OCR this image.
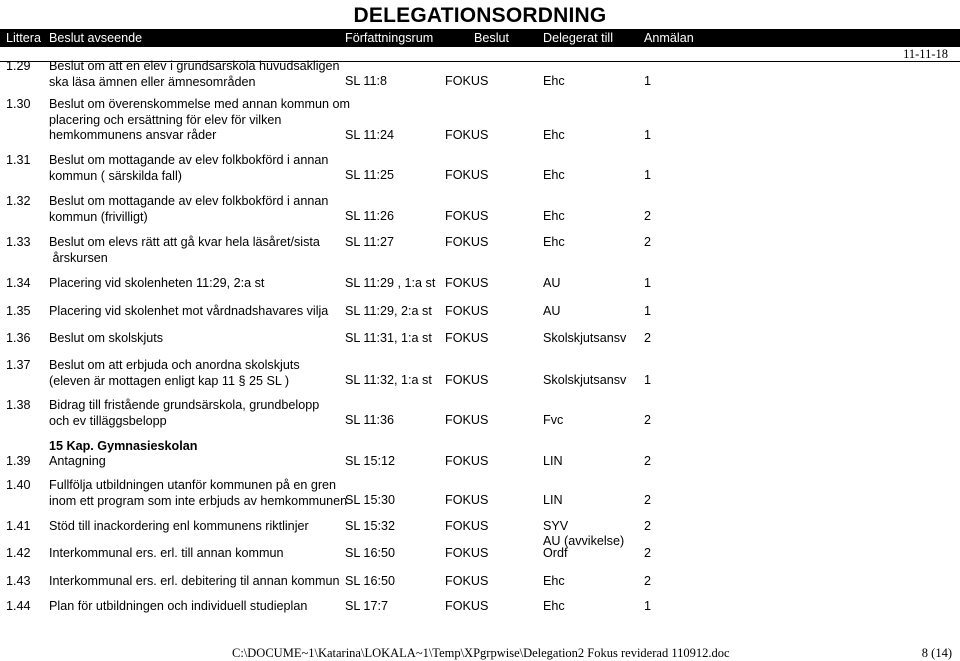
DELEGATIONSORDNING
Littera Beslut avseende	Författningsrum	Beslut	Delegerat till Anmälan
11-11-18
1.29 Beslut om att en elev i grundsärskola huvudsakligen
ska läsa ämnen eller ämnesområden	SL 11:8	FOKUS	Ehc	1
1.30 Beslut om överenskommelse med annan kommun om
placering och ersättning för elev för vilken
hemkommunens ansvar råder	SL 11:24	FOKUS	Ehc	1
1.31 Beslut om mottagande av elev folkbokförd i annan
kommun ( särskilda fall)	SL 11:25	FOKUS	Ehc	1
1.32 Beslut om mottagande av elev folkbokförd i annan
kommun (frivilligt)	SL 11:26	FOKUS	Ehc	2
1.33 Beslut om elevs rätt att gå kvar hela läsåret/sista
årskursen
SL 11:27	FOKUS	Ehc	2
1.34 Placering vid skolenheten 11:29, 2:a st	SL 11:29 , 1:a st FOKUS	AU	1
1.35 Placering vid skolenhet mot vårdnadshavares vilja SL 11:29, 2:a st FOKUS	AU	1
1.36 Beslut om skolskjuts	SL 11:31, 1:a st FOKUS	Skolskjutsansv 2
1.37 Beslut om att erbjuda och anordna skolskjuts
(eleven är mottagen enligt kap 11 § 25 SL )	SL 11:32, 1:a st FOKUS	Skolskjutsansv 1
1.38 Bidrag till fristående grundsärskola, grundbelopp
och ev tilläggsbelopp	SL 11:36	FOKUS	Fvc	2
15 Kap. Gymnasieskolan
1.39 Antagning	SL 15:12	FOKUS	LIN	2
1.40 Fullfölja utbildningen utanför kommunen på en gren
inom ett program som inte erbjuds av hemkommunen
SL 15:30	FOKUS	LIN	2
1.41 Stöd till inackordering enl kommunens riktlinjer	SL 15:32	FOKUS	SYV	2
AU (avvikelse)
1.42 Interkommunal ers. erl. till annan kommun	SL 16:50	FOKUS	Ordf	2
1.43 Interkommunal ers. erl. debitering til annan kommun SL 16:50	FOKUS	Ehc	2
1.44 Plan för utbildningen och individuell studieplan	SL 17:7	FOKUS	Ehc	1
C:\DOCUME~1\Katarina\LOKALA~1\Temp\XPgrpwise\Delegation2 Fokus reviderad 110912.doc	8 (14)
